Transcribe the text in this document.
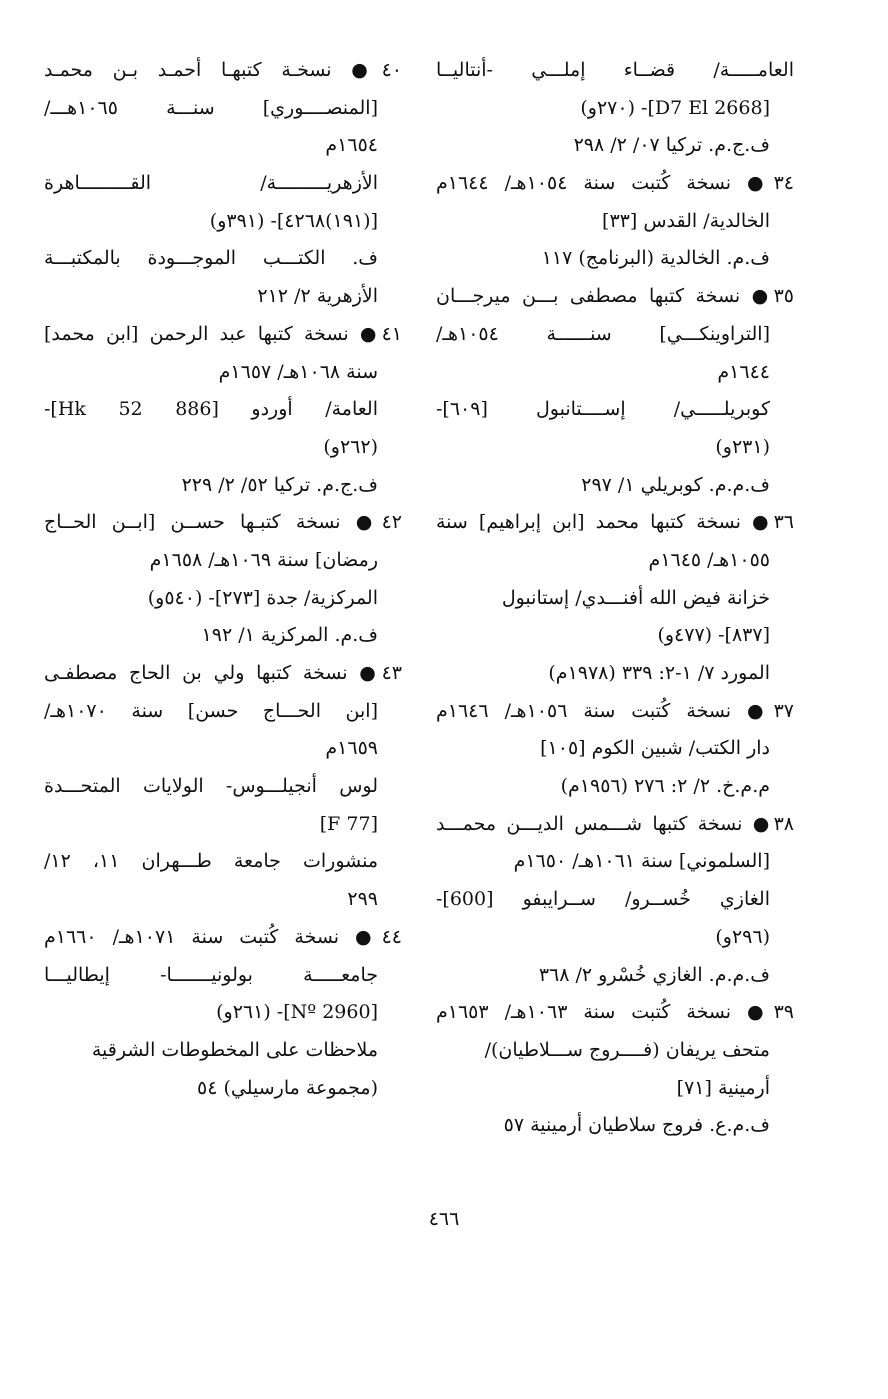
العامـــــة/ قضــاء إملـــي -أنتاليــا
[D7 El 2668]- (٢٧٠و)
ف.ج.م. تركيا ٠٧/ ٢/ ٢٩٨
٣٤● نسخة كُتبت سنة ١٠٥٤هـ/ ١٦٤٤م
الخالدية/ القدس [٣٣]
ف.م. الخالدية (البرنامج) ١١٧
٣٥● نسخة كتبها مصطفى بـــن ميرجـــان
[التراوينكـــي] سنــــــة ١٠٥٤هـ/
١٦٤٤م
كوبريلـــــي/ إســــتانبول [٦٠٩]-
(٢٣١و)
ف.م.م. كوبريلي ١/ ٢٩٧
٣٦● نسخة كتبها محمد [ابن إبراهيم] سنة
١٠٥٥هـ/ ١٦٤٥م
خزانة فيض الله أفنـــدي/ إستانبول
[٨٣٧]- (٤٧٧و)
المورد ٧/ ١-٢: ٣٣٩ (١٩٧٨م)
٣٧● نسخة كُتبت سنة ١٠٥٦هـ/ ١٦٤٦م
دار الكتب/ شبين الكوم [١٠٥]
م.م.خ. ٢/ ٢: ٢٧٦ (١٩٥٦م)
٣٨● نسخة كتبها شـــمس الديـــن محمـــد
[السلموني] سنة ١٠٦١هـ/ ١٦٥٠م
الغازي خُســرو/ ســرايبفو [600]-
(٢٩٦و)
ف.م.م. الغازي خُسْرو ٢/ ٣٦٨
٣٩● نسخة كُتبت سنة ١٠٦٣هـ/ ١٦٥٣م
متحف يريفان (فــــروج ســـلاطيان)/
أرمينية [٧١]
ف.م.ع. فروج سلاطيان أرمينية ٥٧
٤٠● نسخـة كتبهـا أحمـد بـن محمـد
[المنصــــوري] سنـــة ١٠٦٥هـــ/
١٦٥٤م
الأزهريـــــــــة/ القـــــــــاهرة
[(١٩١)٤٢٦٨]- (٣٩١و)
ف. الكتـــب الموجـــودة بالمكتبـــة
الأزهرية ٢/ ٢١٢
٤١● نسخة كتبها عبد الرحمن [ابن محمد]
سنة ١٠٦٨هـ/ ١٦٥٧م
العامة/ أوردو [886 Hk 52]-
(٢٦٢و)
ف.ج.م. تركيا ٥٢/ ٢/ ٢٢٩
٤٢● نسخة كتبـها حســن [ابــن الحــاج
رمضان] سنة ١٠٦٩هـ/ ١٦٥٨م
المركزية/ جدة [٢٧٣]- (٥٤٠و)
ف.م. المركزية ١/ ١٩٢
٤٣● نسخة كتبها ولي بن الحاج مصطفـى
[ابن الحـــاج حسن] سنة ١٠٧٠هـ/
١٦٥٩م
لوس أنجيلـــوس- الولايات المتحـــدة
[F 77]
منشورات جامعة طـــهران ١١، ١٢/
٢٩٩
٤٤● نسخة كُتبت سنة ١٠٧١هـ/ ١٦٦٠م
جامعـــــة بولونيـــــــا- إيطاليـــا
[Nº 2960]- (٢٦١و)
ملاحظات على المخطوطات الشرقية
(مجموعة مارسيلي) ٥٤
٤٦٦
